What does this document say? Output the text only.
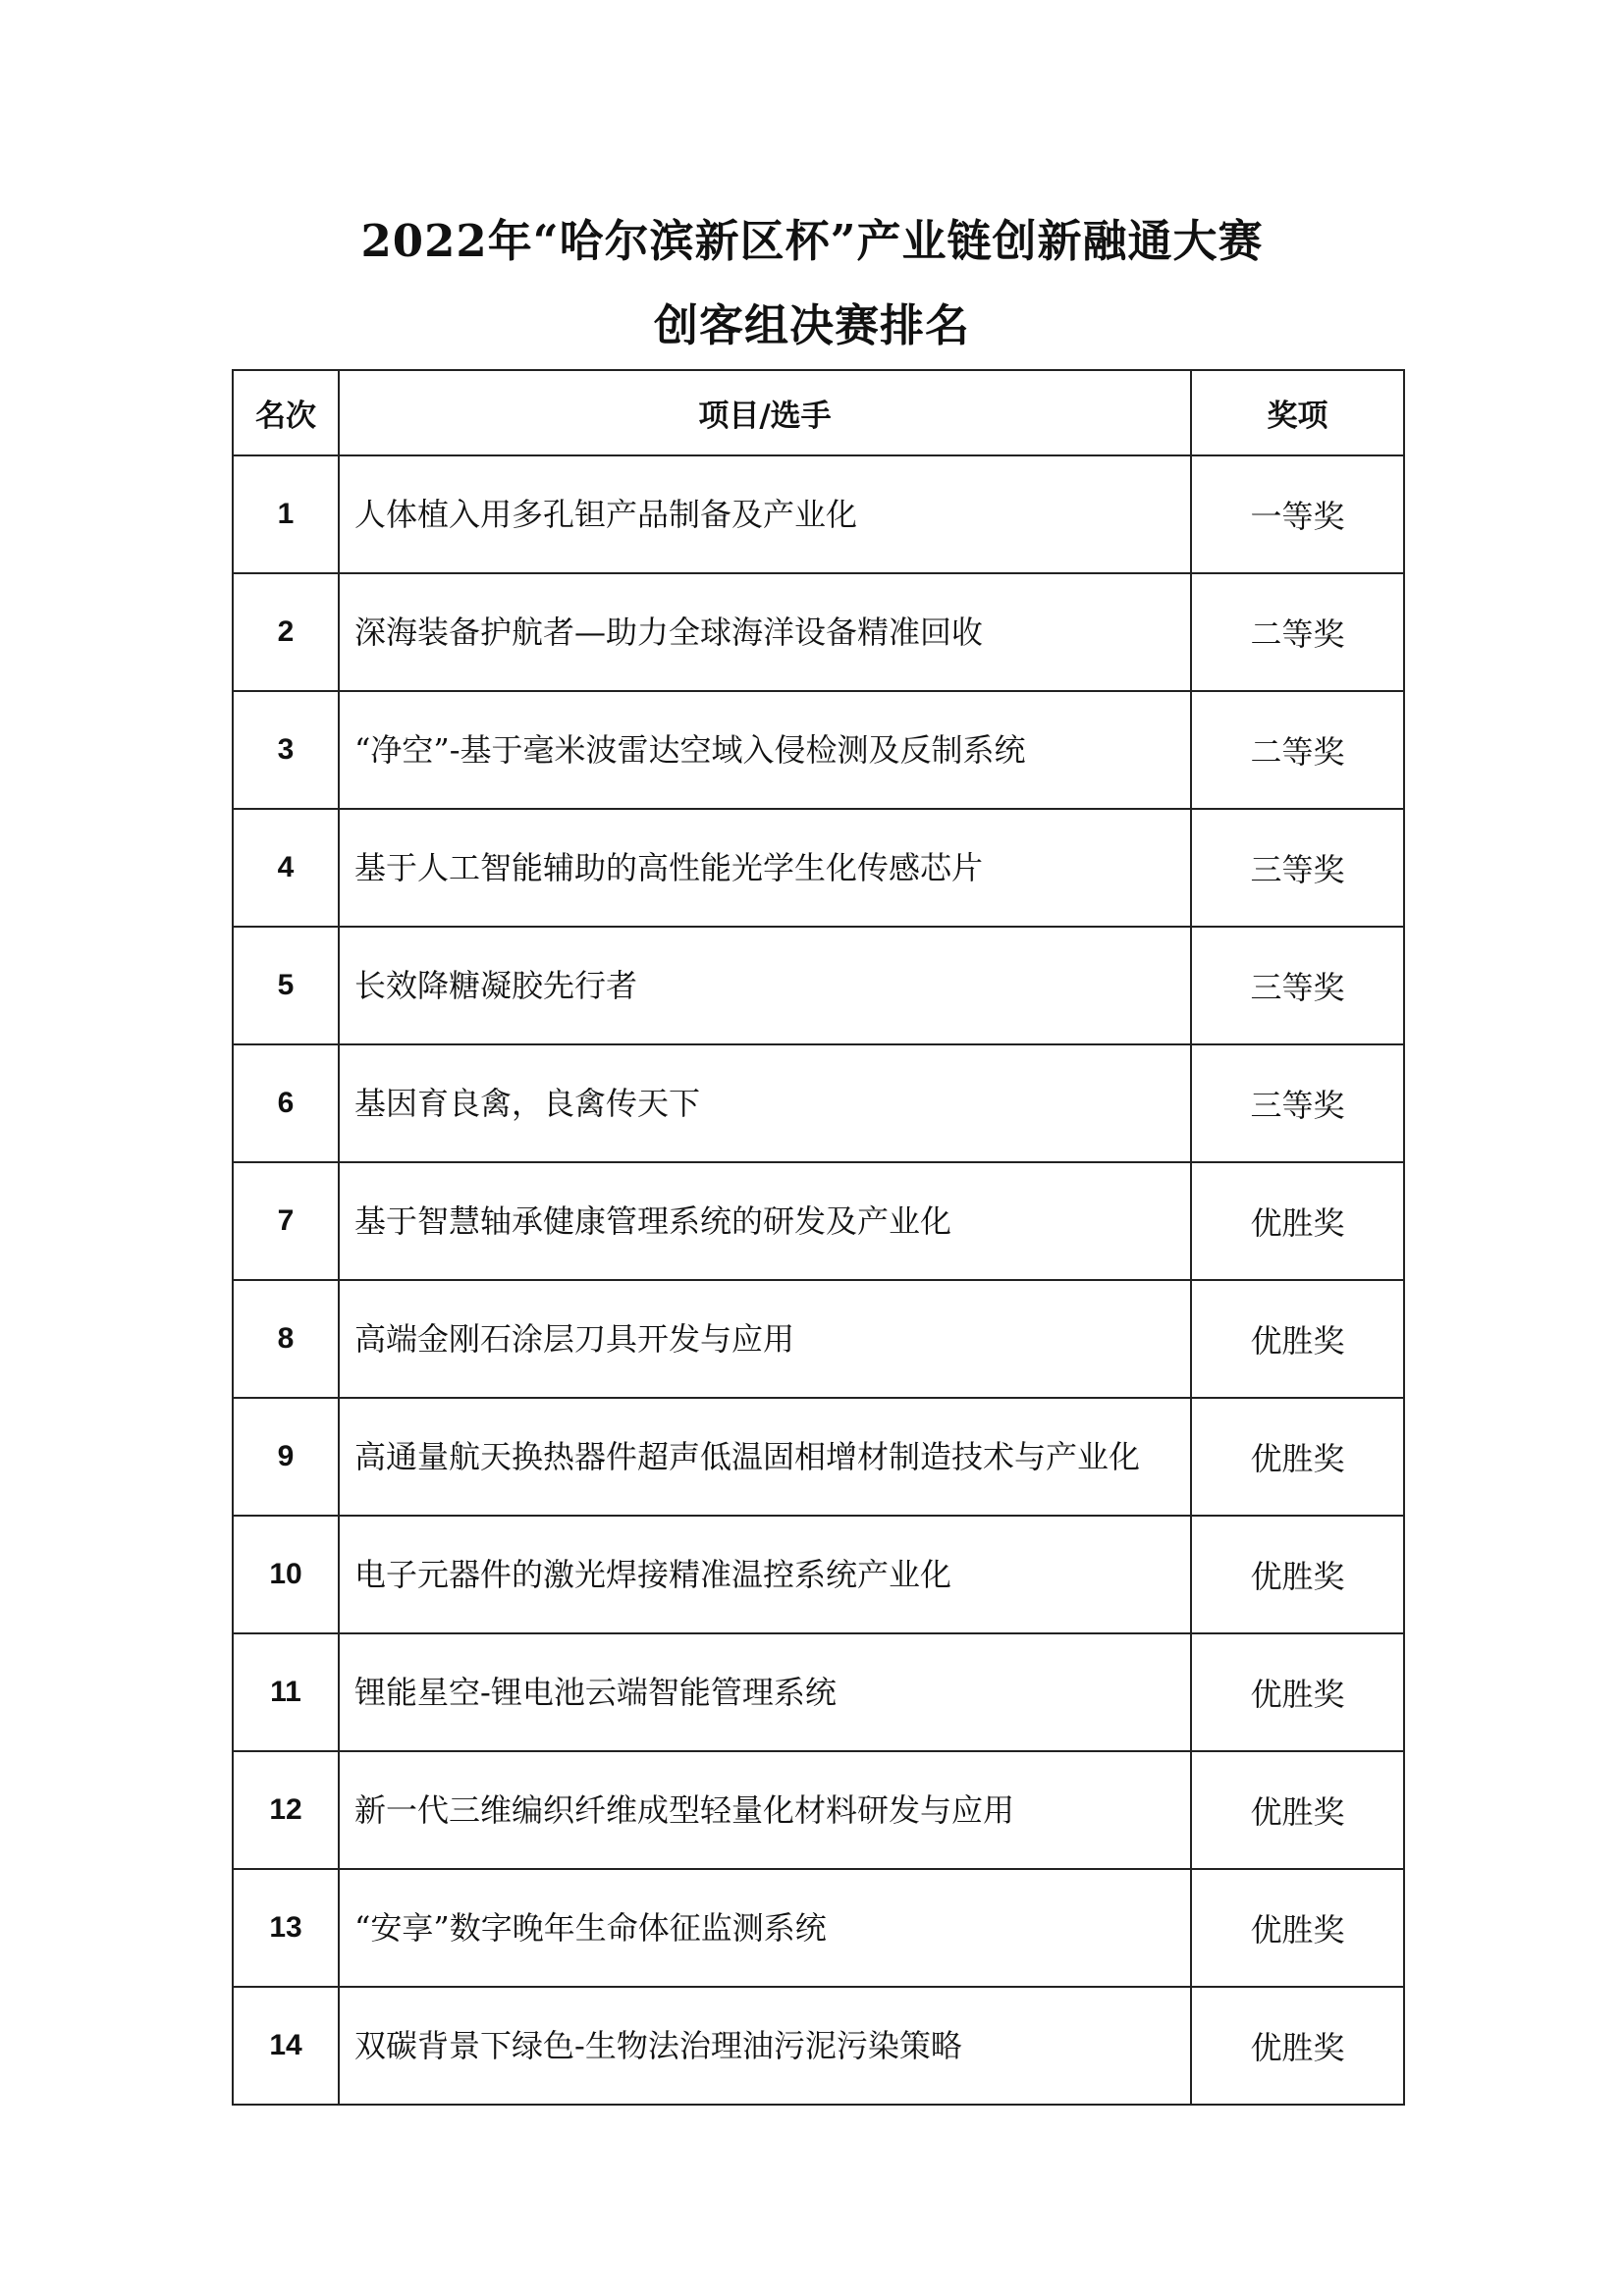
2022年“哈尔滨新区杯”产业链创新融通大赛
创客组决赛排名
名次	项目/选手	奖项
1	人体植入用多孔钽产品制备及产业化	一等奖
2	深海装备护航者—助力全球海洋设备精准回收	二等奖
3	“净空”-基于毫米波雷达空域入侵检测及反制系统	二等奖
4	基于人工智能辅助的高性能光学生化传感芯片	三等奖
5	长效降糖凝胶先行者	三等奖
6	基因育良禽，良禽传天下	三等奖
7	基于智慧轴承健康管理系统的研发及产业化	优胜奖
8	高端金刚石涂层刀具开发与应用	优胜奖
9	高通量航天换热器件超声低温固相增材制造技术与产业化	优胜奖
10	电子元器件的激光焊接精准温控系统产业化	优胜奖
11	锂能星空-锂电池云端智能管理系统	优胜奖
12	新一代三维编织纤维成型轻量化材料研发与应用	优胜奖
13	“安享”数字晚年生命体征监测系统	优胜奖
14	双碳背景下绿色-生物法治理油污泥污染策略	优胜奖
